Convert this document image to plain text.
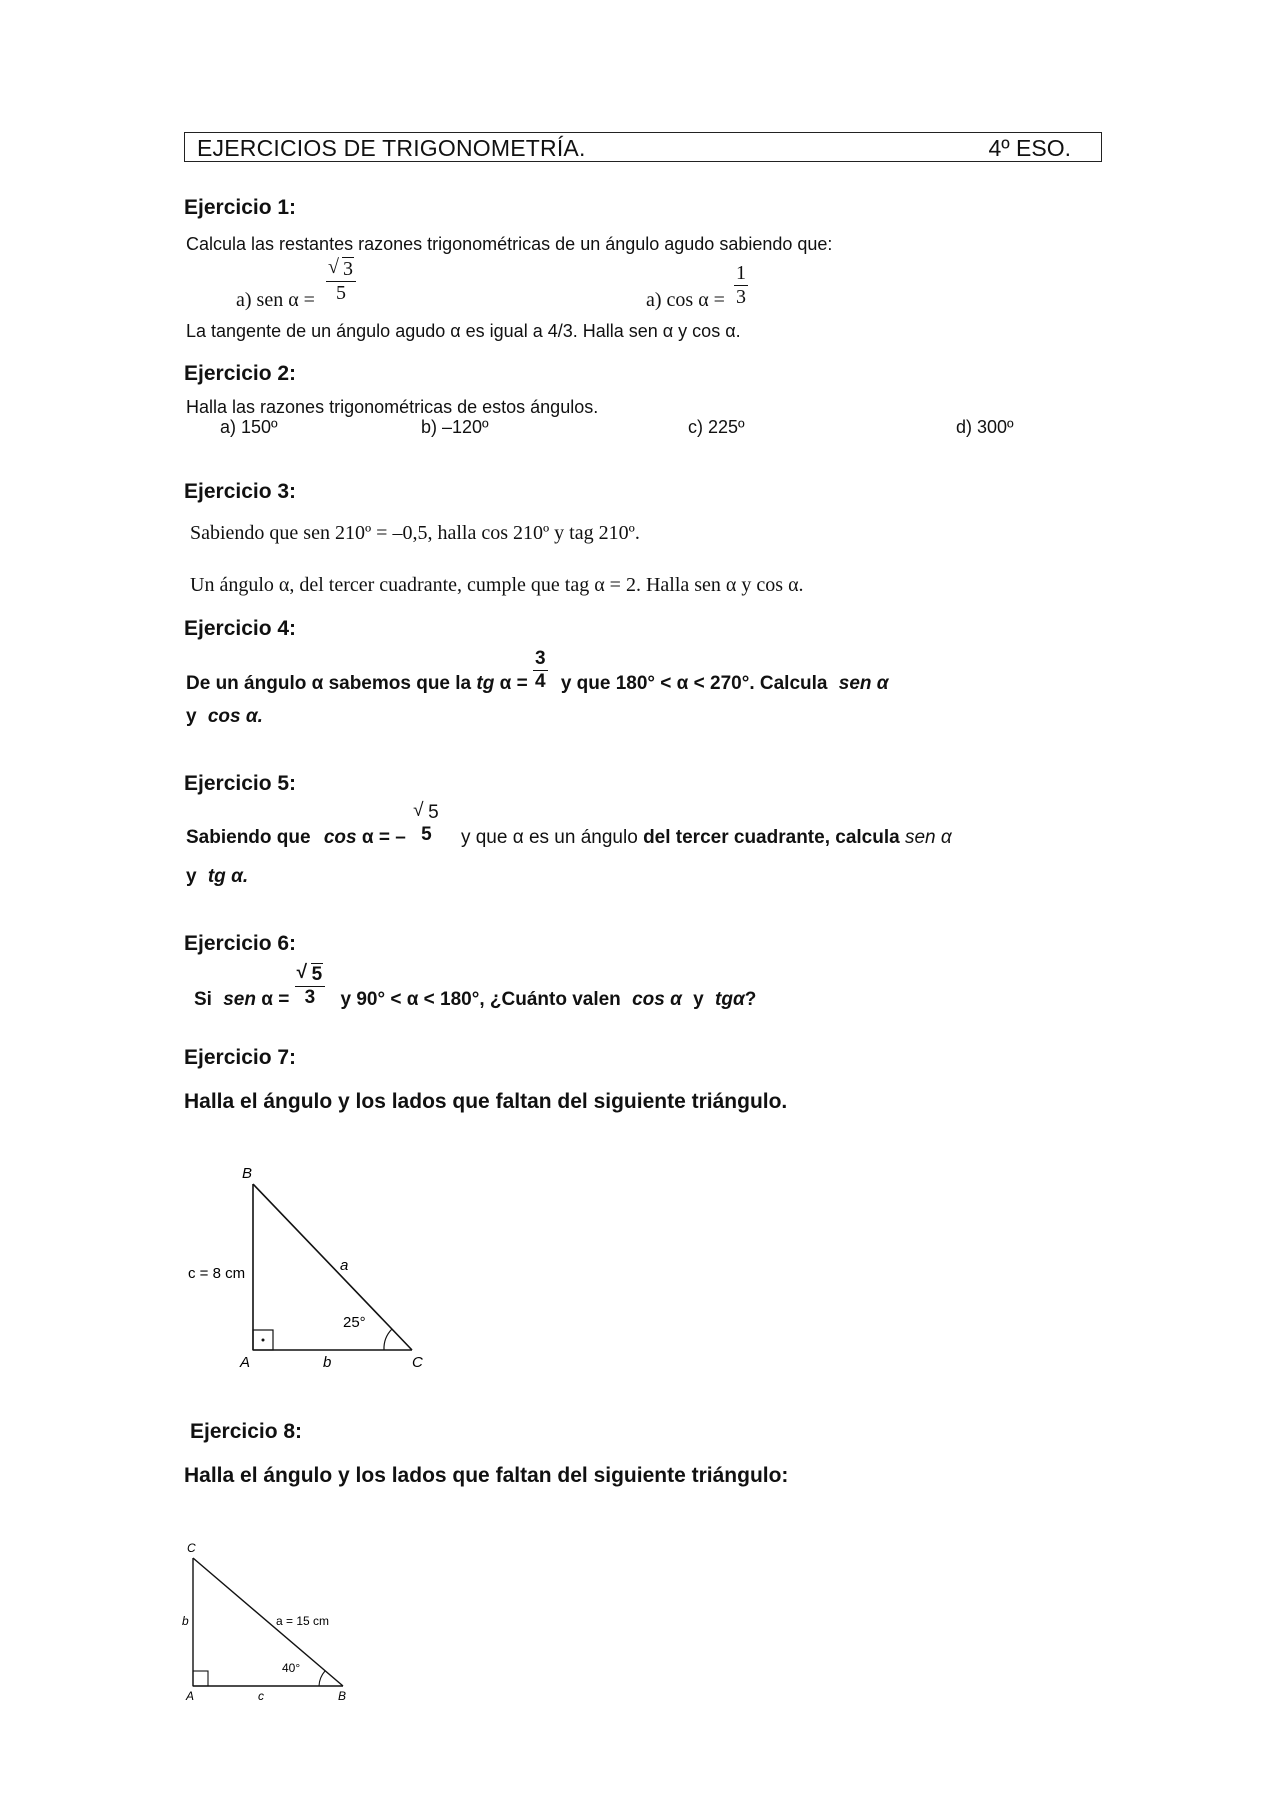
EJERCICIOS DE TRIGONOMETRÍA.	4º ESO.
Ejercicio 1:
Calcula las restantes razones trigonométricas de un ángulo agudo sabiendo que:
a) sen $\alpha = \frac{√ 3}{5}$	a) $\cos \alpha = \frac{1}{3}$
La tangente de un ángulo agudo α es igual a 4/3. Halla sen α y cos α.
Ejercicio 2:
Halla las razones trigonométricas de estos ángulos.
a) 150º	b) –120º	c) 225º	d) 300º
Ejercicio 3:
Sabiendo que sen 210º = –0,5, halla cos 210º y tag 210º.
Un ángulo α, del tercer cuadrante, cumple que tag α = 2. Halla sen α y cos α.
Ejercicio 4:
De un ángulo α sabemos que la tg $\alpha = \frac{3}{4}$ y que 180° < α < 270°. Calcula sen α
y cos α.
Ejercicio 5:
Sabiendo que cos α = –
√ 5
5	y que α es un ángulo del tercer cuadrante, calcula sen α
y tg α.
Ejercicio 6:
Si sen $\alpha = \frac{√ 5}{3}$ y 90° < α < 180°, ¿Cuánto valen cos α y tgα?
Ejercicio 7:
Halla el ángulo y los lados que faltan del siguiente triángulo.
B
c = 8 cm	a
25°
A	b	C
Ejercicio 8:
Halla el ángulo y los lados que faltan del siguiente triángulo:
C
b	a = 15 cm
40°
A	c	B
